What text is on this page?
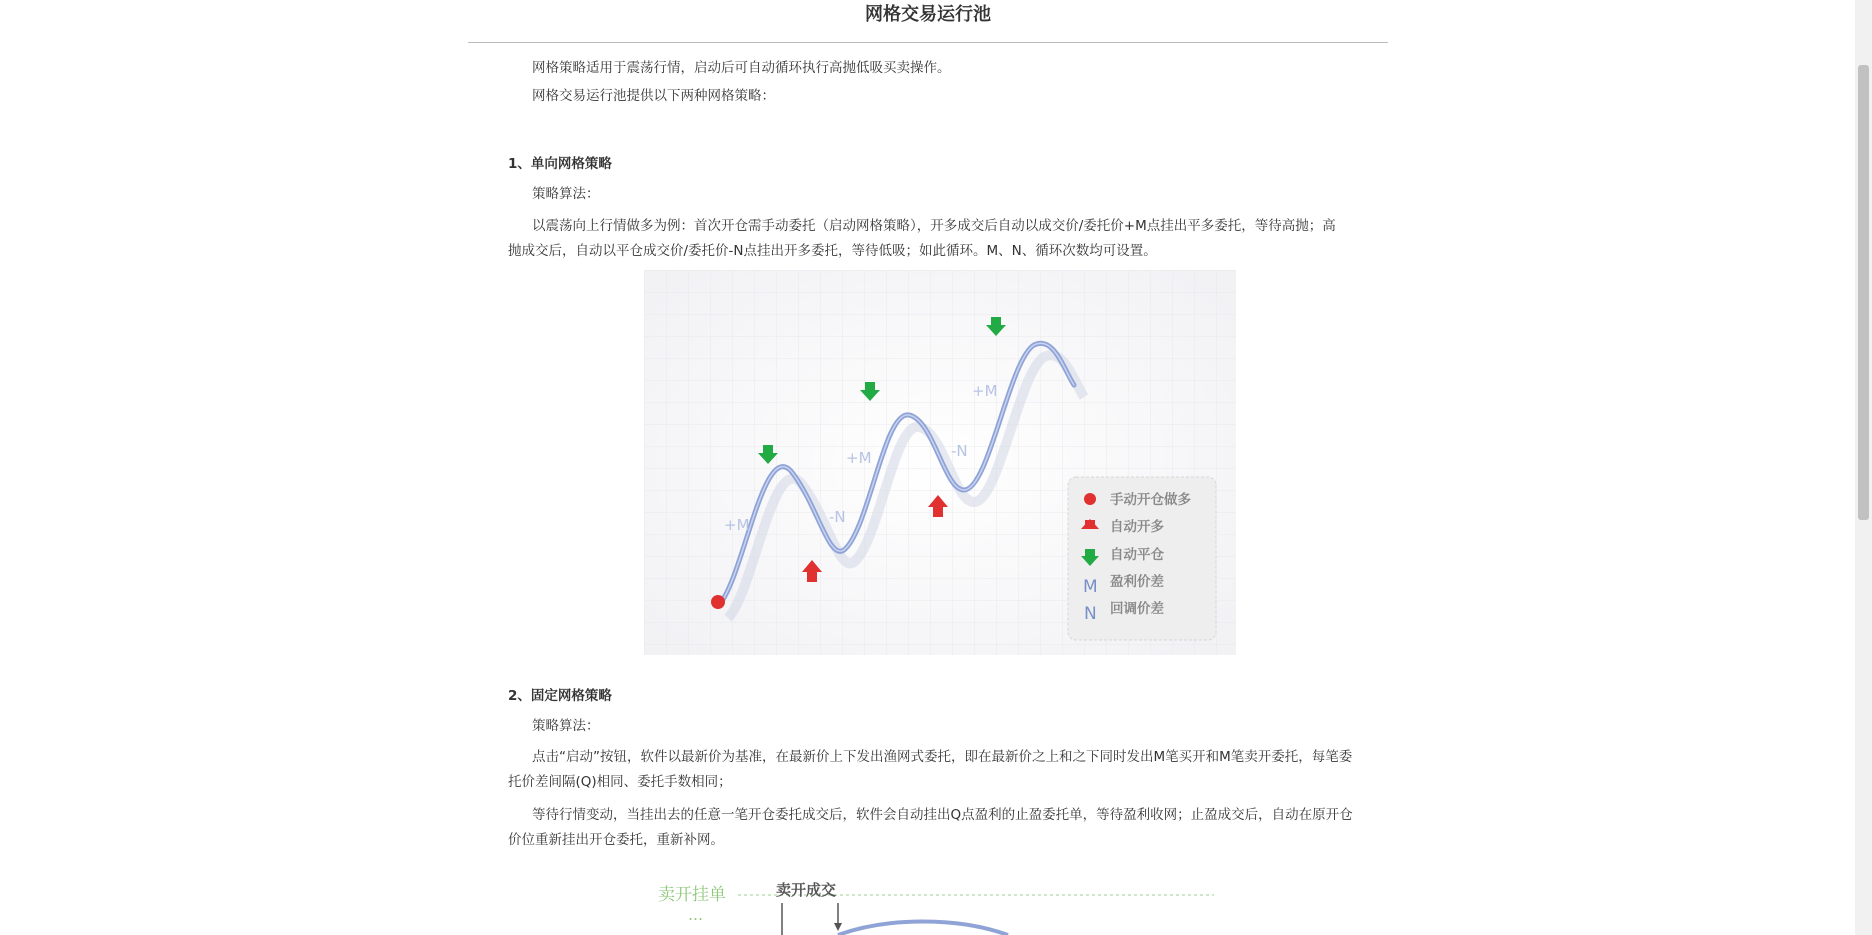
网格交易运行池

网格策略适用于震荡行情，启动后可自动循环执行高抛低吸买卖操作。

网格交易运行池提供以下两种网格策略：

1、单向网格策略

策略算法：

以震荡向上行情做多为例：首次开仓需手动委托（启动网格策略），开多成交后自动以成交价/委托价+M点挂出平多委托，等待高抛；高抛成交后，自动以平仓成交价/委托价-N点挂出开多委托，等待低吸；如此循环。M、N、循环次数均可设置。

+M
+M
+M
-N
-N
M
N
手动开仓做多
自动开多
自动平仓
盈利价差
回调价差
2、固定网格策略

策略算法：

点击“启动”按钮，软件以最新价为基准，在最新价上下发出渔网式委托，即在最新价之上和之下同时发出M笔买开和M笔卖开委托，每笔委托价差间隔(Q)相同、委托手数相同；

等待行情变动，当挂出去的任意一笔开仓委托成交后，软件会自动挂出Q点盈利的止盈委托单，等待盈利收网；止盈成交后，自动在原开仓价位重新挂出开仓委托，重新补网。

卖开挂单	卖开成交
…
